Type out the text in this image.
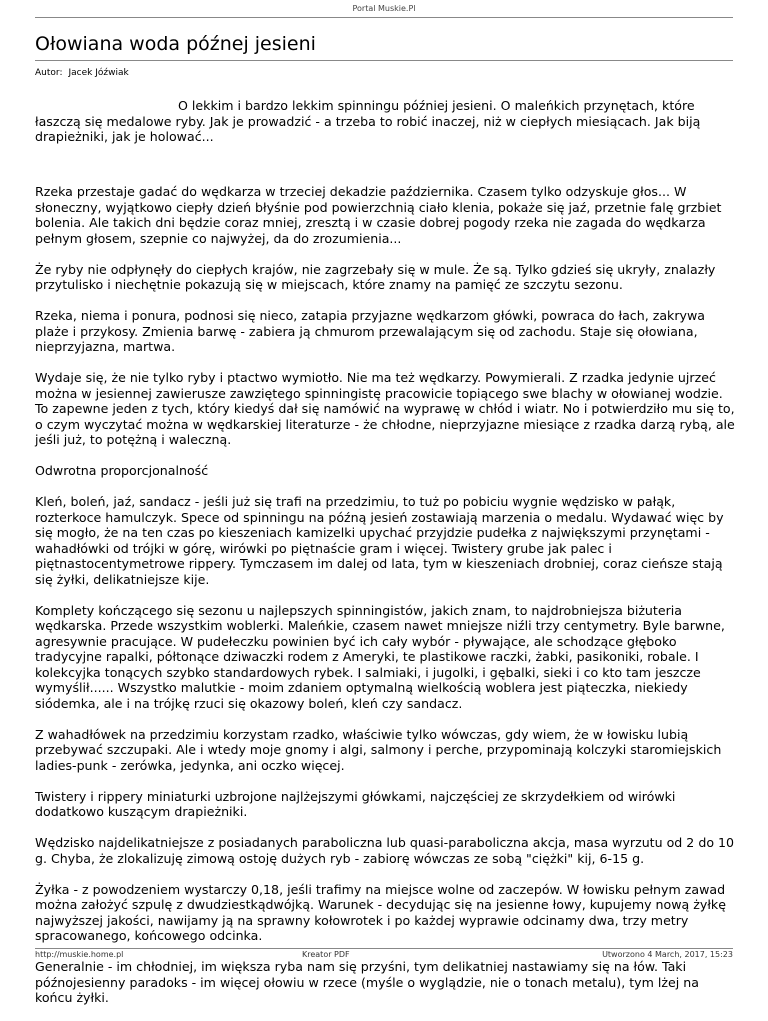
Portal Muskie.Pl
Ołowiana woda późnej jesieni
Autor: Jacek Jóźwiak

O lekkim i bardzo lekkim spinningu później jesieni. O maleńkich przynętach, które łaszczą się medalowe ryby. Jak je prowadzić - a trzeba to robić inaczej, niż w ciepłych miesiącach. Jak biją drapieżniki, jak je holować...

Rzeka przestaje gadać do wędkarza w trzeciej dekadzie października. Czasem tylko odzyskuje głos... W słoneczny, wyjątkowo ciepły dzień błyśnie pod powierzchnią ciało klenia, pokaże się jaź, przetnie falę grzbiet bolenia. Ale takich dni będzie coraz mniej, zresztą i w czasie dobrej pogody rzeka nie zagada do wędkarza pełnym głosem, szepnie co najwyżej, da do zrozumienia...

Że ryby nie odpłynęły do ciepłych krajów, nie zagrzebały się w mule. Że są. Tylko gdzieś się ukryły, znalazły przytulisko i niechętnie pokazują się w miejscach, które znamy na pamięć ze szczytu sezonu.

Rzeka, niema i ponura, podnosi się nieco, zatapia przyjazne wędkarzom główki, powraca do łach, zakrywa plaże i przykosy. Zmienia barwę - zabiera ją chmurom przewalającym się od zachodu. Staje się ołowiana, nieprzyjazna, martwa.

Wydaje się, że nie tylko ryby i ptactwo wymiotło. Nie ma też wędkarzy. Powymierali. Z rzadka jedynie ujrzeć można w jesiennej zawierusze zawziętego spinningistę pracowicie topiącego swe blachy w ołowianej wodzie. To zapewne jeden z tych, który kiedyś dał się namówić na wyprawę w chłód i wiatr. No i potwierdziło mu się to, o czym wyczytać można w wędkarskiej literaturze - że chłodne, nieprzyjazne miesiące z rzadka darzą rybą, ale jeśli już, to potężną i waleczną.

Odwrotna proporcjonalność

Kleń, boleń, jaź, sandacz - jeśli już się trafi na przedzimiu, to tuż po pobiciu wygnie wędzisko w pałąk, rozterkoce hamulczyk. Spece od spinningu na późną jesień zostawiają marzenia o medalu. Wydawać więc by się mogło, że na ten czas po kieszeniach kamizelki upychać przyjdzie pudełka z największymi przynętami - wahadłówki od trójki w górę, wirówki po piętnaście gram i więcej. Twistery grube jak palec i piętnastocentymetrowe rippery. Tymczasem im dalej od lata, tym w kieszeniach drobniej, coraz cieńsze stają się żyłki, delikatniejsze kije.

Komplety kończącego się sezonu u najlepszych spinningistów, jakich znam, to najdrobniejsza biżuteria wędkarska. Przede wszystkim woblerki. Maleńkie, czasem nawet mniejsze niźli trzy centymetry. Byle barwne, agresywnie pracujące. W pudełeczku powinien być ich cały wybór - pływające, ale schodzące głęboko tradycyjne rapalki, półtonące dziwaczki rodem z Ameryki, te plastikowe raczki, żabki, pasikoniki, robale. I kolekcyjka tonących szybko standardowych rybek. I salmiaki, i jugolki, i gębalki, sieki i co kto tam jeszcze wymyślił...... Wszystko malutkie - moim zdaniem optymalną wielkością woblera jest piąteczka, niekiedy siódemka, ale i na trójkę rzuci się okazowy boleń, kleń czy sandacz.

Z wahadłówek na przedzimiu korzystam rzadko, właściwie tylko wówczas, gdy wiem, że w łowisku lubią przebywać szczupaki. Ale i wtedy moje gnomy i algi, salmony i perche, przypominają kolczyki staromiejskich ladies-punk - zerówka, jedynka, ani oczko więcej.

Twistery i rippery miniaturki uzbrojone najlżejszymi główkami, najczęściej ze skrzydełkiem od wirówki dodatkowo kuszącym drapieżniki.

Wędzisko najdelikatniejsze z posiadanych paraboliczna lub quasi-paraboliczna akcja, masa wyrzutu od 2 do 10 g. Chyba, że zlokalizuję zimową ostoję dużych ryb - zabiorę wówczas ze sobą "ciężki" kij, 6-15 g.

Żyłka - z powodzeniem wystarczy 0,18, jeśli trafimy na miejsce wolne od zaczepów. W łowisku pełnym zawad można założyć szpulę z dwudziestkądwójką. Warunek - decydując się na jesienne łowy, kupujemy nową żyłkę najwyższej jakości, nawijamy ją na sprawny kołowrotek i po każdej wyprawie odcinamy dwa, trzy metry spracowanego, końcowego odcinka.

Generalnie - im chłodniej, im większa ryba nam się przyśni, tym delikatniej nastawiamy się na łów. Taki późnojesienny paradoks - im więcej ołowiu w rzece (myśle o wyglądzie, nie o tonach metalu), tym lżej na końcu żyłki.

http://muskie.home.pl	Kreator PDF	Utworzono 4 March, 2017, 15:23
